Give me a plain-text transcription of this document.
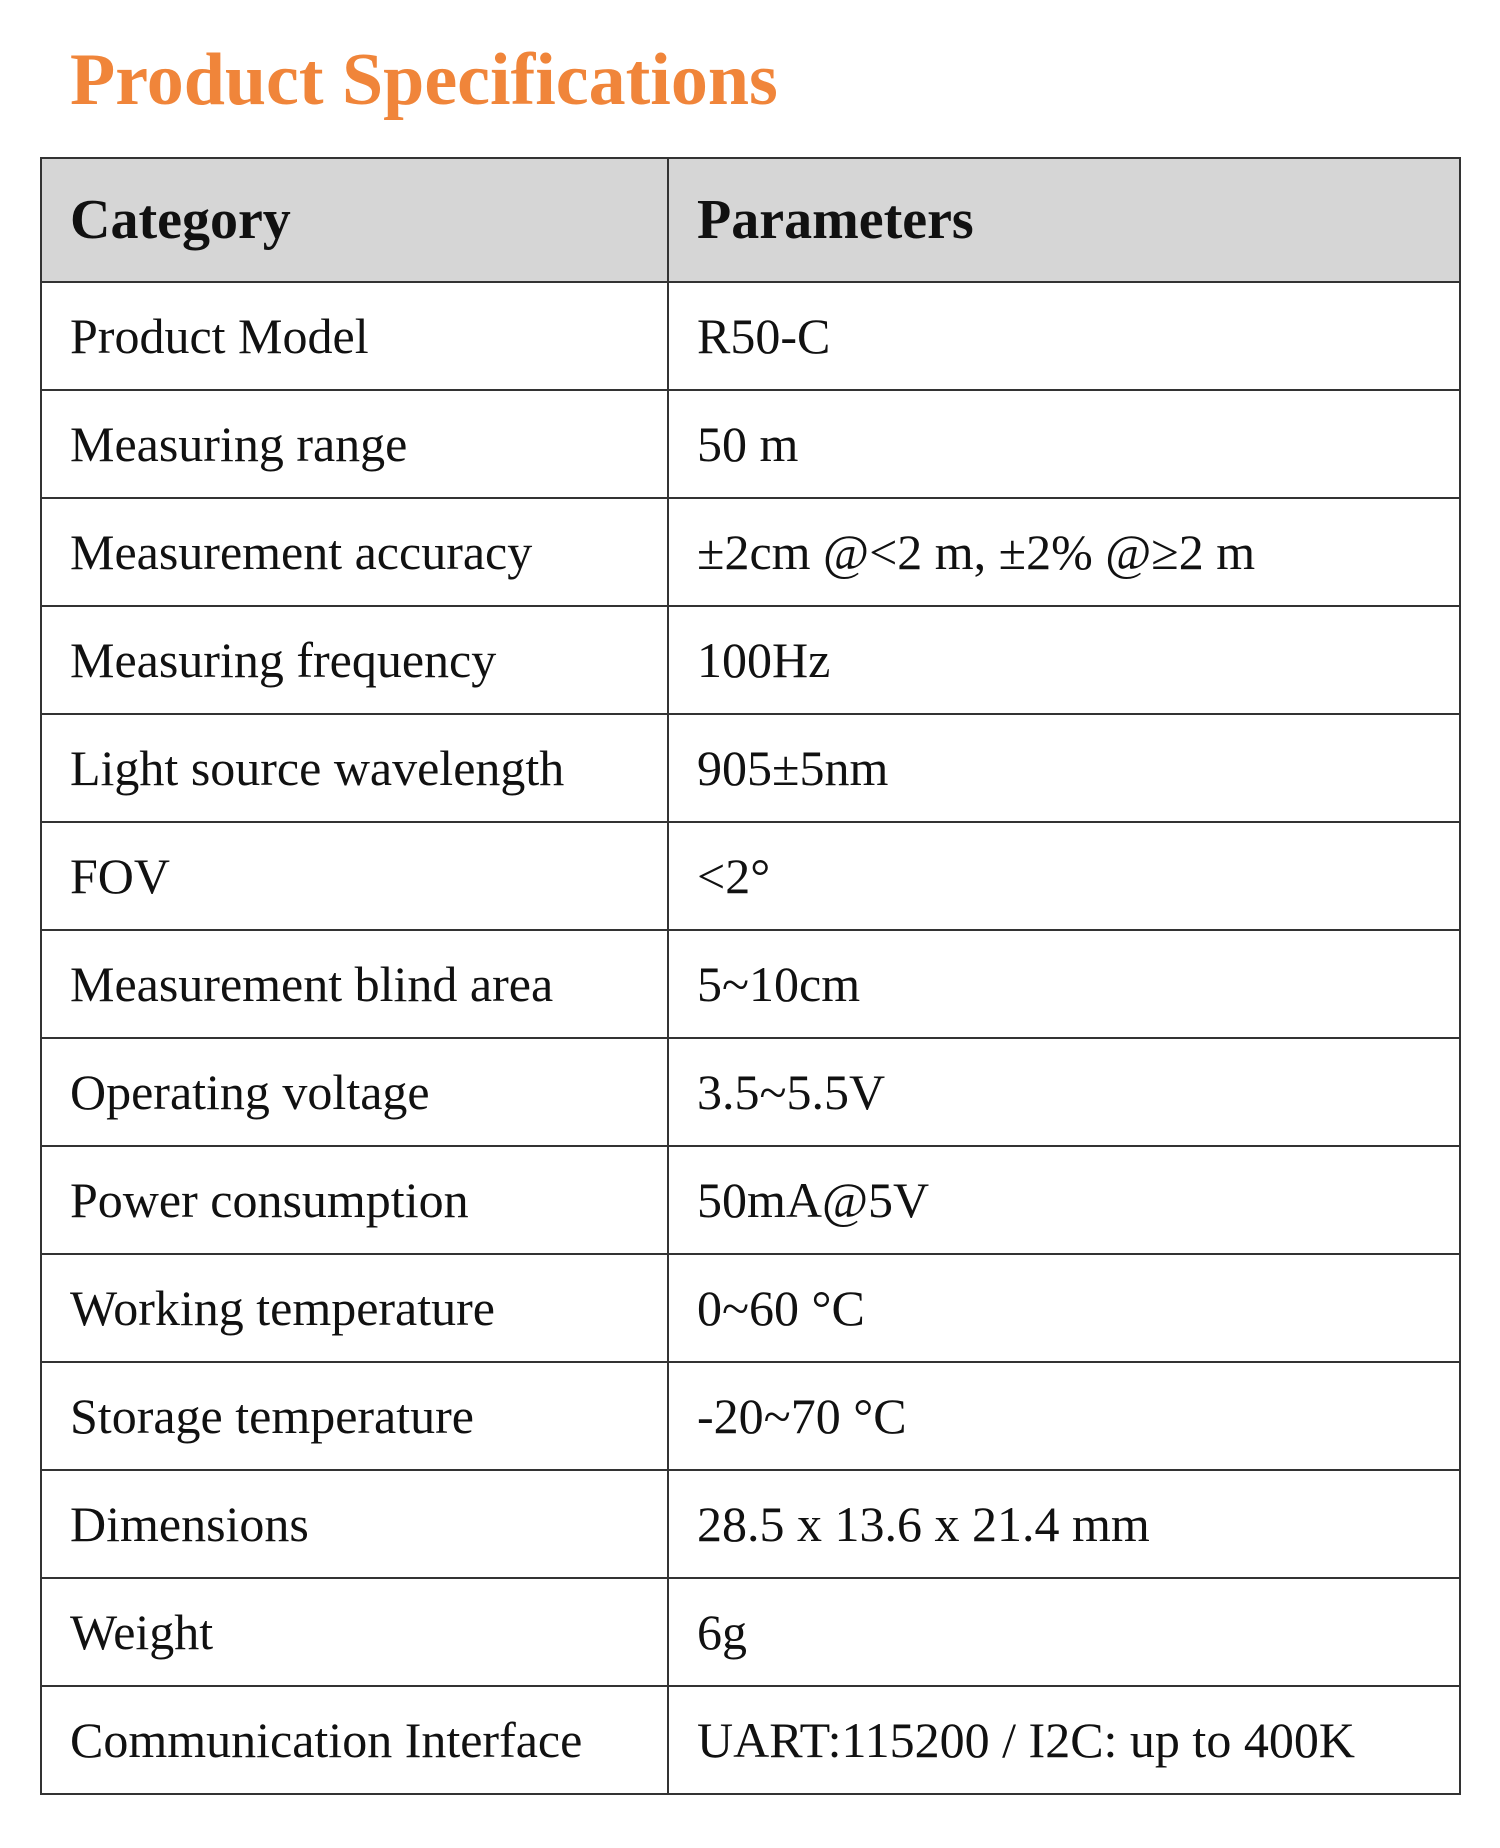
Product Specifications
Category	Parameters
Product Model	R50-C
Measuring range	50 m
Measurement accuracy	±2cm @<2 m, ±2% @≥2 m
Measuring frequency	100Hz
Light source wavelength	905±5nm
FOV	<2°
Measurement blind area	5~10cm
Operating voltage	3.5~5.5V
Power consumption	50mA@5V
Working temperature	0~60 °C
Storage temperature	-20~70 °C
Dimensions	28.5 x 13.6 x 21.4 mm
Weight	6g
Communication Interface	UART:115200 / I2C: up to 400K
